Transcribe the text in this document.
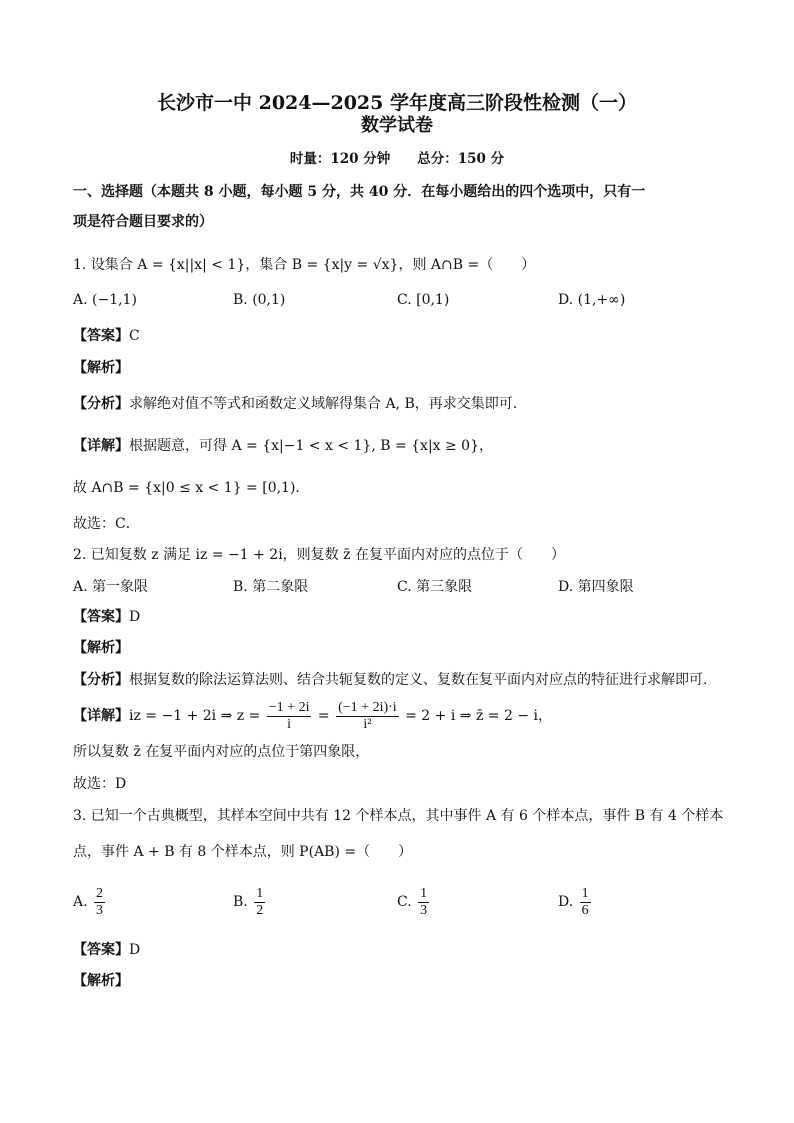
长沙市一中 2024—2025 学年度高三阶段性检测（一）
数学试卷
时量：120 分钟　　总分：150 分
一、选择题（本题共 8 小题，每小题 5 分，共 40 分．在每小题给出的四个选项中，只有一
项是符合题目要求的）
1. 设集合 A = {x||x| < 1}，集合 B = {x|y = √x}，则 A∩B =（　　）
A. (−1,1)	B. (0,1)	C. [0,1)	D. (1,+∞)
【答案】C
【解析】
【分析】求解绝对值不等式和函数定义域解得集合 A, B，再求交集即可.
【详解】根据题意，可得 A = {x|−1 < x < 1}, B = {x|x ≥ 0}，
故 A∩B = {x|0 ≤ x < 1} = [0,1)．
故选：C．
2. 已知复数 z 满足 iz = −1 + 2i，则复数 z̄ 在复平面内对应的点位于（　　）
A. 第一象限	B. 第二象限	C. 第三象限	D. 第四象限
【答案】D
【解析】
【分析】根据复数的除法运算法则、结合共轭复数的定义、复数在复平面内对应点的特征进行求解即可.
【详解】iz = −1 + 2i ⇒ $z = \frac{-1 + 2i}{i} = \frac{(-1 + 2i)\cdot i}{\text{i²}} = 2 + i$ ⇒ z̄ = 2 − i，
所以复数 z̄ 在复平面内对应的点位于第四象限，
故选：D
3. 已知一个古典概型，其样本空间中共有 12 个样本点，其中事件 A 有 6 个样本点，事件 B 有 4 个样本
点，事件 A + B 有 8 个样本点，则 P(AB) =（　　）
A. $\frac{2}{3}$	B. $\frac{1}{2}$	C. $\frac{1}{3}$	D. $\frac{1}{6}$
【答案】D
【解析】
